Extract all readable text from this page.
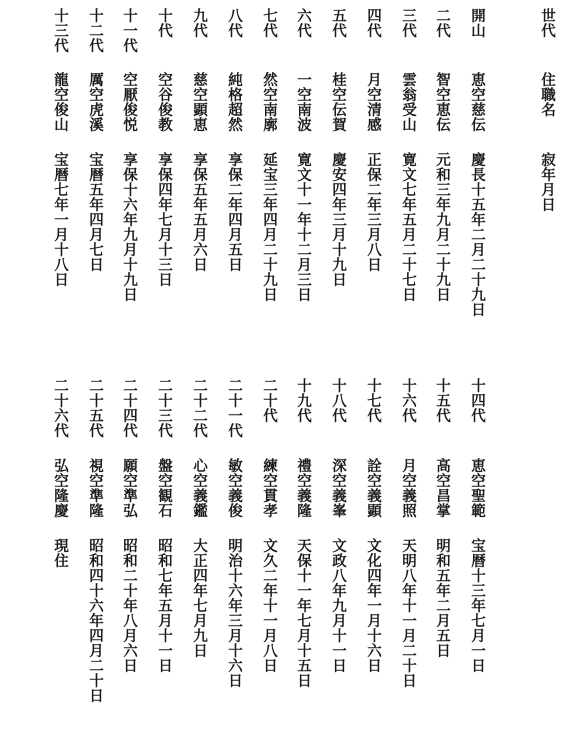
世代
住職名
寂年月日
開山
恵空慈伝
慶長十五年二月二十九日
二代
智空恵伝
元和三年九月二十九日
三代
雲翁受山
寛文七年五月二十七日
四代
月空清感
正保二年三月八日
五代
桂空伝賀
慶安四年三月十九日
六代
一空南波
寛文十一年十二月三日
七代
然空南廓
延宝三年四月二十九日
八代
純格超然
享保二年四月五日
九代
慈空顕恵
享保五年五月六日
十代
空谷俊教
享保四年七月十三日
十一代
空厭俊悦
享保十六年九月十九日
十二代
厲空虎溪
宝暦五年四月七日
十三代
龍空俊山
宝暦七年一月十八日
十四代
恵空聖範
宝暦十三年七月一日
十五代
高空昌掌
明和五年二月五日
十六代
月空義照
天明八年十一月二十日
十七代
詮空義顕
文化四年一月十六日
十八代
深空義峯
文政八年九月十一日
十九代
禮空義隆
天保十一年七月十五日
二十代
練空貫孝
文久二年十一月八日
二十一代
敏空義俊
明治十六年三月十六日
二十二代
心空義鑑
大正四年七月九日
二十三代
盤空観石
昭和七年五月十一日
二十四代
願空準弘
昭和二十年八月六日
二十五代
視空準隆
昭和四十六年四月二十日
二十六代
弘空隆慶
現住
